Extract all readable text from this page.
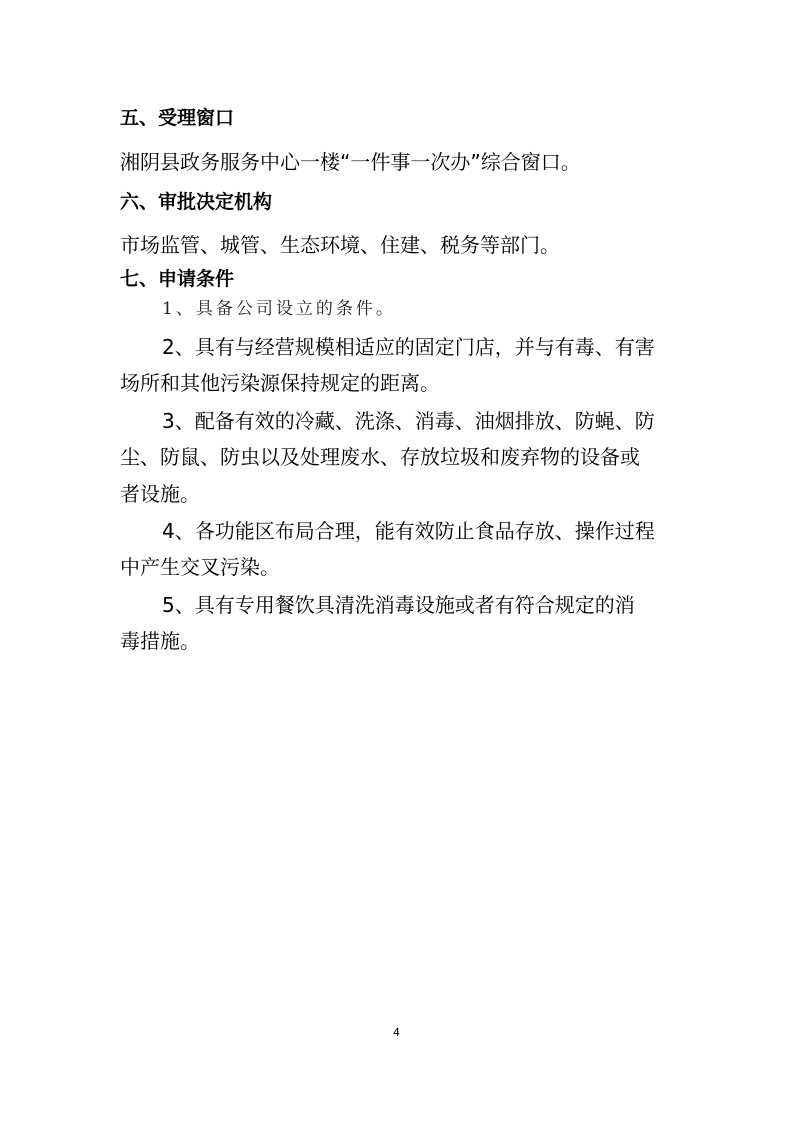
五、受理窗口
湘阴县政务服务中心一楼“一件事一次办”综合窗口。
六、审批决定机构
市场监管、城管、生态环境、住建、税务等部门。
七、申请条件
1、具备公司设立的条件。
2、具有与经营规模相适应的固定门店，并与有毒、有害
场所和其他污染源保持规定的距离。
3、配备有效的冷藏、洗涤、消毒、油烟排放、防蝇、防
尘、防鼠、防虫以及处理废水、存放垃圾和废弃物的设备或
者设施。
4、各功能区布局合理，能有效防止食品存放、操作过程
中产生交叉污染。
5、具有专用餐饮具清洗消毒设施或者有符合规定的消
毒措施。
4
